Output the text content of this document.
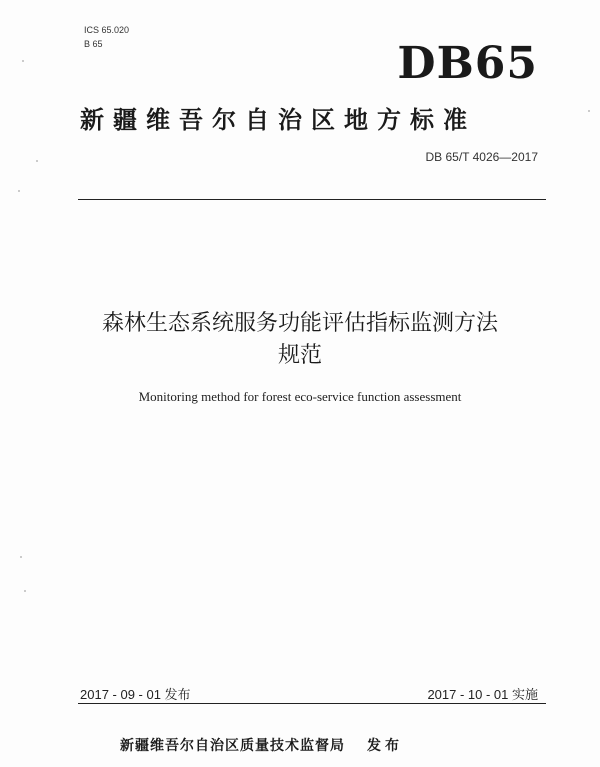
ICS 65.020
B 65	DB65
新疆维吾尔自治区地方标准
DB 65/T 4026—2017
森林生态系统服务功能评估指标监测方法
规范
Monitoring method for forest eco-service function assessment
2017 - 09 - 01 发布	2017 - 10 - 01 实施
新疆维吾尔自治区质量技术监督局 发布
